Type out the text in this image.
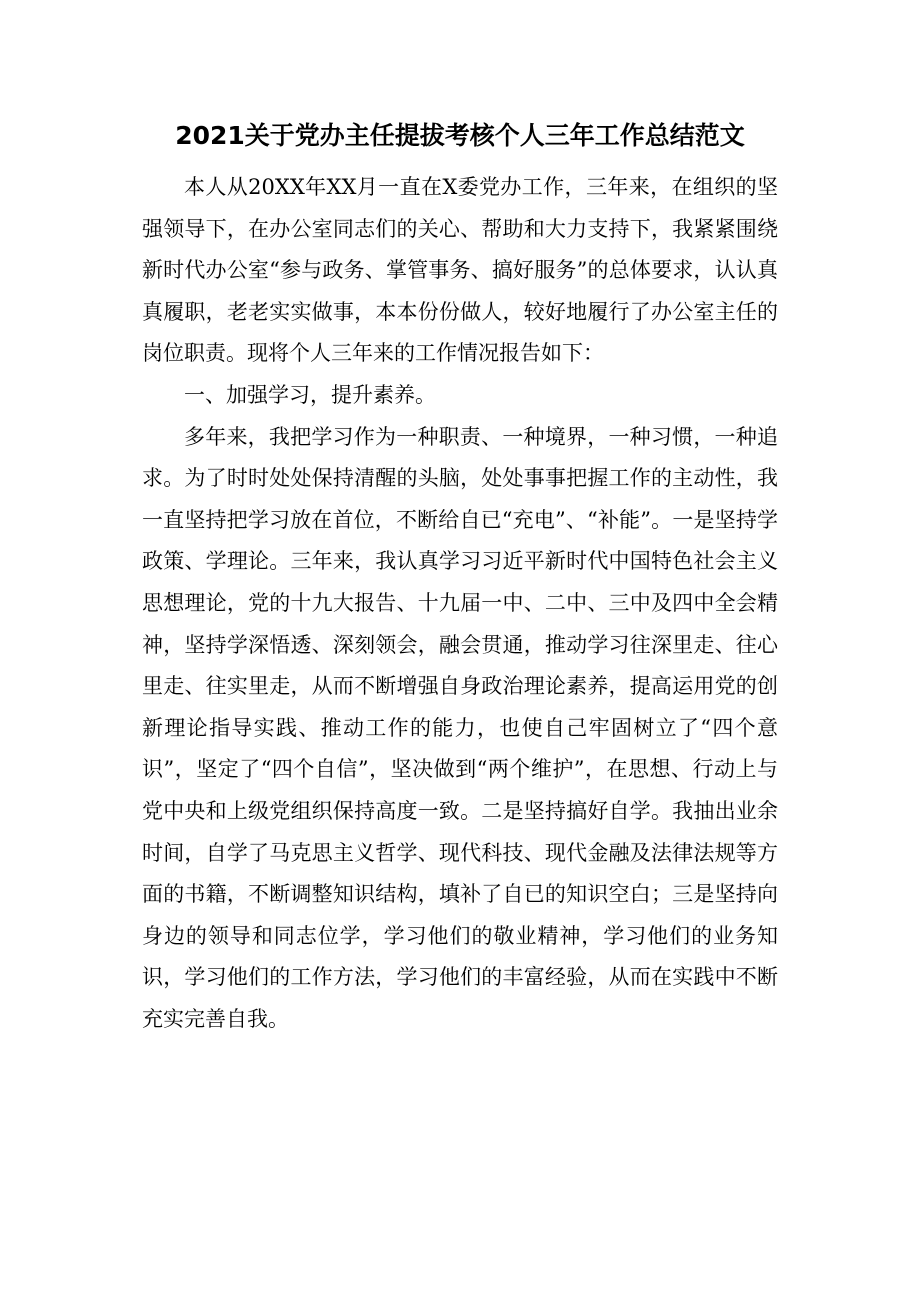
2021关于党办主任提拔考核个人三年工作总结范文

本人从20XX年XX月一直在X委党办工作，三年来，在组织的坚强领导下，在办公室同志们的关心、帮助和大力支持下，我紧紧围绕新时代办公室“参与政务、掌管事务、搞好服务”的总体要求，认认真真履职，老老实实做事，本本份份做人，较好地履行了办公室主任的岗位职责。现将个人三年来的工作情况报告如下：

一、加强学习，提升素养。

多年来，我把学习作为一种职责、一种境界，一种习惯，一种追求。为了时时处处保持清醒的头脑，处处事事把握工作的主动性，我一直坚持把学习放在首位，不断给自已“充电”、“补能”。一是坚持学政策、学理论。三年来，我认真学习习近平新时代中国特色社会主义思想理论，党的十九大报告、十九届一中、二中、三中及四中全会精神，坚持学深悟透、深刻领会，融会贯通，推动学习往深里走、往心里走、往实里走，从而不断增强自身政治理论素养，提高运用党的创新理论指导实践、推动工作的能力，也使自己牢固树立了“四个意识”，坚定了“四个自信”，坚决做到“两个维护”，在思想、行动上与党中央和上级党组织保持高度一致。二是坚持搞好自学。我抽出业余时间，自学了马克思主义哲学、现代科技、现代金融及法律法规等方面的书籍，不断调整知识结构，填补了自已的知识空白；三是坚持向身边的领导和同志位学，学习他们的敬业精神，学习他们的业务知识，学习他们的工作方法，学习他们的丰富经验，从而在实践中不断充实完善自我。
